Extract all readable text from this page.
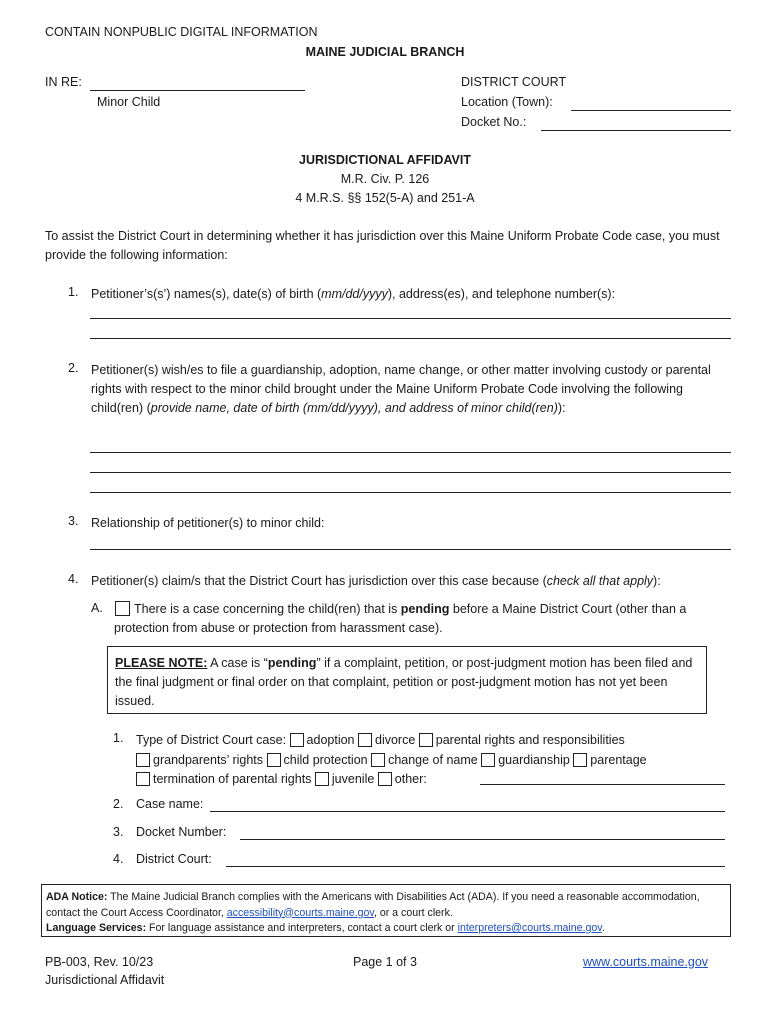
CONTAIN NONPUBLIC DIGITAL INFORMATION
MAINE JUDICIAL BRANCH
IN RE:
Minor Child
DISTRICT COURT
Location (Town):
Docket No.:
JURISDICTIONAL AFFIDAVIT
M.R. Civ. P. 126
4 M.R.S. §§ 152(5-A) and 251-A
To assist the District Court in determining whether it has jurisdiction over this Maine Uniform Probate Code case, you must provide the following information:
1. Petitioner’s(s’) names(s), date(s) of birth (mm/dd/yyyy), address(es), and telephone number(s):
2. Petitioner(s) wish/es to file a guardianship, adoption, name change, or other matter involving custody or parental rights with respect to the minor child brought under the Maine Uniform Probate Code involving the following child(ren) (provide name, date of birth (mm/dd/yyyy), and address of minor child(ren)):
3. Relationship of petitioner(s) to minor child:
4. Petitioner(s) claim/s that the District Court has jurisdiction over this case because (check all that apply):
A.	There is a case concerning the child(ren) that is pending before a Maine District Court (other than a protection from abuse or protection from harassment case).
PLEASE NOTE: A case is “pending” if a complaint, petition, or post-judgment motion has been filed and the final judgment or final order on that complaint, petition or post-judgment motion has not yet been issued.
1. Type of District Court case: adoption divorce parental rights and responsibilities
grandparents’ rights child protection change of name guardianship parentage
termination of parental rights juvenile other:
2. Case name:
3. Docket Number:
4. District Court:
ADA Notice: The Maine Judicial Branch complies with the Americans with Disabilities Act (ADA). If you need a reasonable accommodation, contact the Court Access Coordinator, accessibility@courts.maine.gov, or a court clerk.
Language Services: For language assistance and interpreters, contact a court clerk or interpreters@courts.maine.gov.
PB-003, Rev. 10/23
Jurisdictional Affidavit
Page 1 of 3	www.courts.maine.gov
